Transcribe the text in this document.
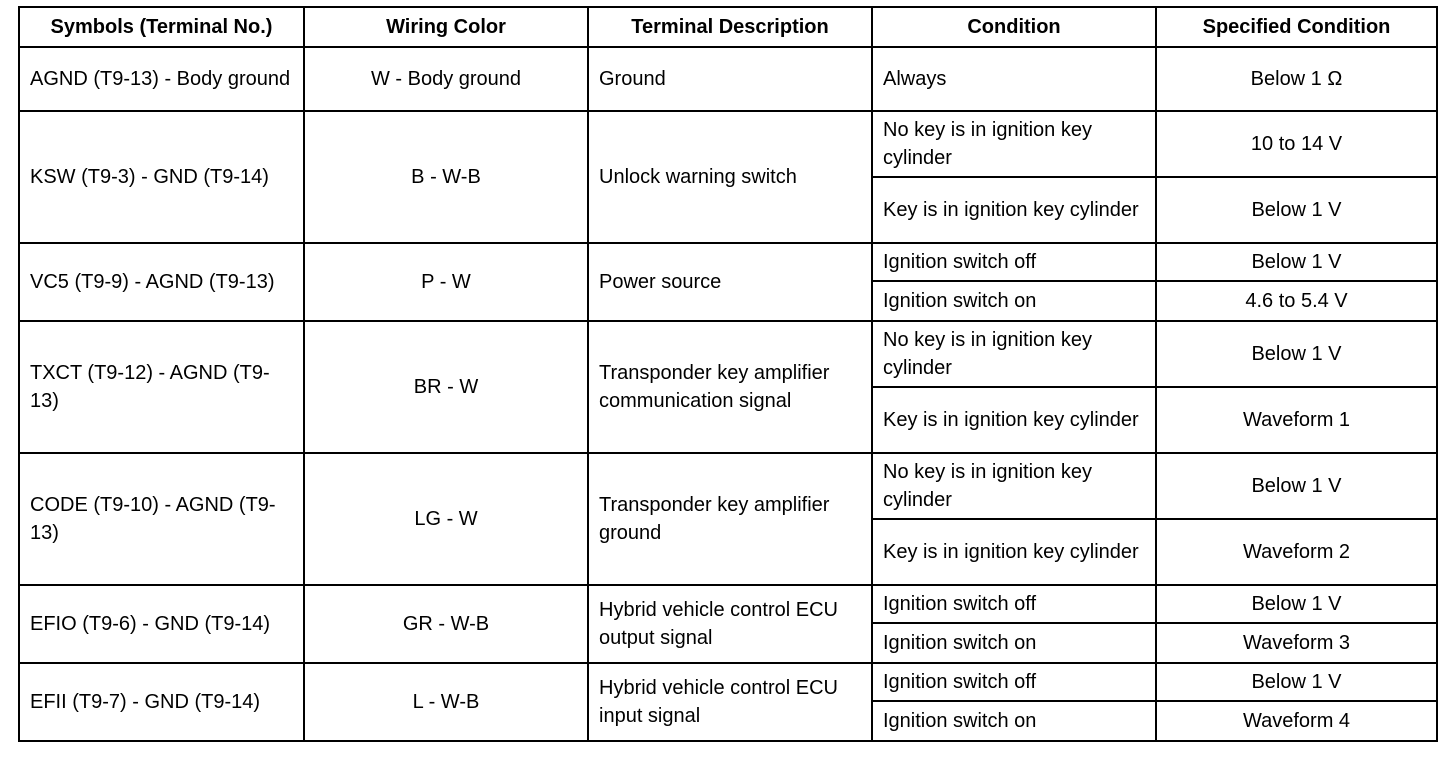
Symbols (Terminal No.)	Wiring Color	Terminal Description	Condition	Specified Condition
AGND (T9-13) - Body ground	W - Body ground	Ground	Always	Below 1 Ω
KSW (T9-3) - GND (T9-14)	B - W-B	Unlock warning switch	No key is in ignition key cylinder	10 to 14 V
			Key is in ignition key cylinder	Below 1 V
VC5 (T9-9) - AGND (T9-13)	P - W	Power source	Ignition switch off	Below 1 V
			Ignition switch on	4.6 to 5.4 V
TXCT (T9-12) - AGND (T9-13)	BR - W	Transponder key amplifier communication signal	No key is in ignition key cylinder	Below 1 V
			Key is in ignition key cylinder	Waveform 1
CODE (T9-10) - AGND (T9-13)	LG - W	Transponder key amplifier ground	No key is in ignition key cylinder	Below 1 V
			Key is in ignition key cylinder	Waveform 2
EFIO (T9-6) - GND (T9-14)	GR - W-B	Hybrid vehicle control ECU output signal	Ignition switch off	Below 1 V
			Ignition switch on	Waveform 3
EFII (T9-7) - GND (T9-14)	L - W-B	Hybrid vehicle control ECU input signal	Ignition switch off	Below 1 V
			Ignition switch on	Waveform 4
